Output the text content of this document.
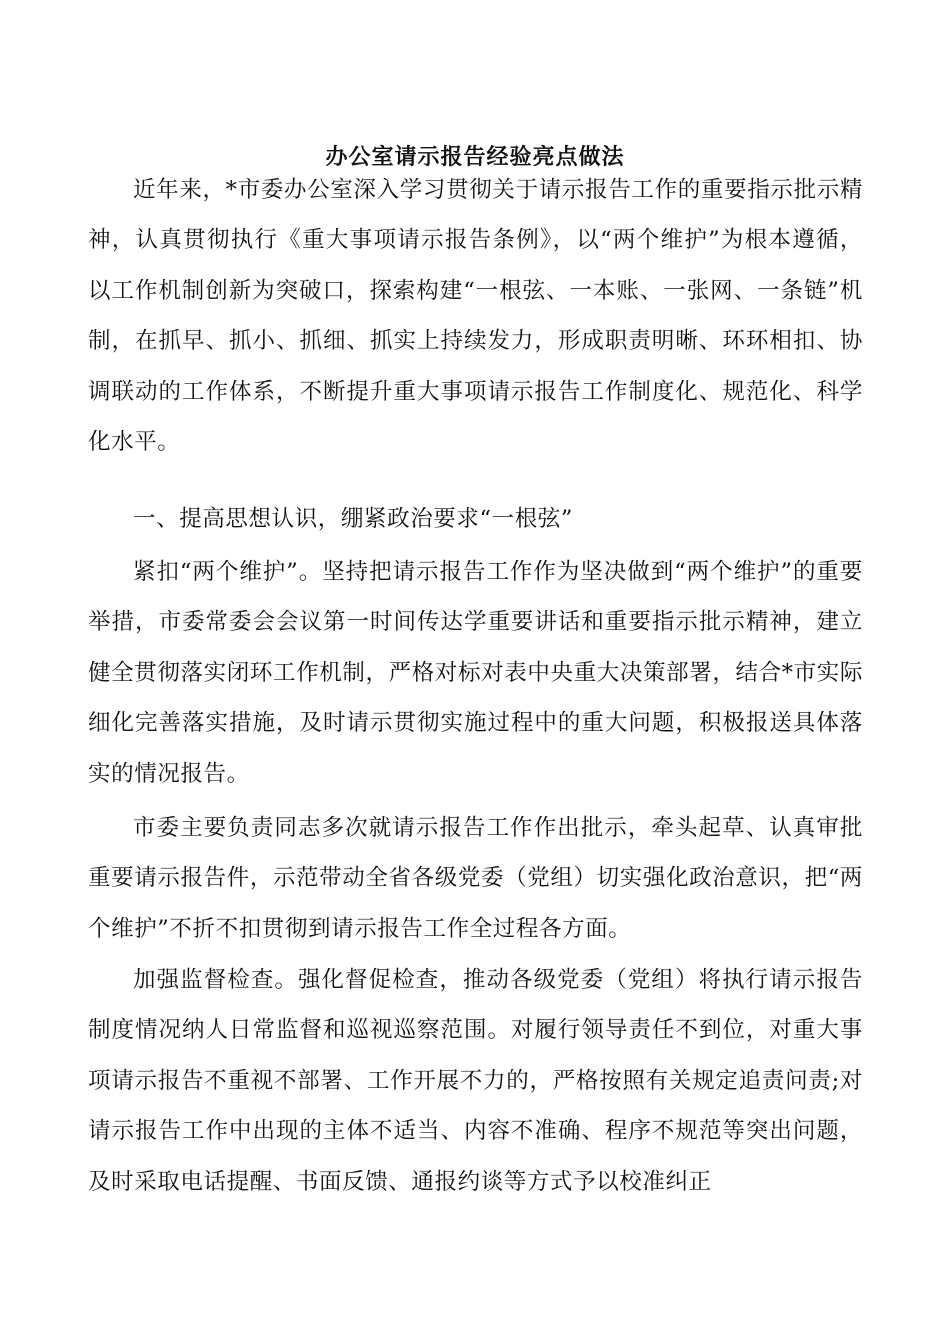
办公室请示报告经验亮点做法

近年来，*市委办公室深入学习贯彻关于请示报告工作的重要指示批示精神，认真贯彻执行《重大事项请示报告条例》，以“两个维护”为根本遵循，以工作机制创新为突破口，探索构建“一根弦、一本账、一张网、一条链”机制，在抓早、抓小、抓细、抓实上持续发力，形成职责明晰、环环相扣、协调联动的工作体系，不断提升重大事项请示报告工作制度化、规范化、科学化水平。

一、提高思想认识，绷紧政治要求“一根弦”

紧扣“两个维护”。坚持把请示报告工作作为坚决做到“两个维护”的重要举措，市委常委会会议第一时间传达学重要讲话和重要指示批示精神，建立健全贯彻落实闭环工作机制，严格对标对表中央重大决策部署，结合*市实际细化完善落实措施，及时请示贯彻实施过程中的重大问题，积极报送具体落实的情况报告。

市委主要负责同志多次就请示报告工作作出批示，牵头起草、认真审批重要请示报告件，示范带动全省各级党委（党组）切实强化政治意识，把“两个维护”不折不扣贯彻到请示报告工作全过程各方面。

加强监督检查。强化督促检查，推动各级党委（党组）将执行请示报告制度情况纳人日常监督和巡视巡察范围。对履行领导责任不到位，对重大事项请示报告不重视不部署、工作开展不力的，严格按照有关规定追责问责;对请示报告工作中出现的主体不适当、内容不准确、程序不规范等突出问题，及时采取电话提醒、书面反馈、通报约谈等方式予以校准纠正
